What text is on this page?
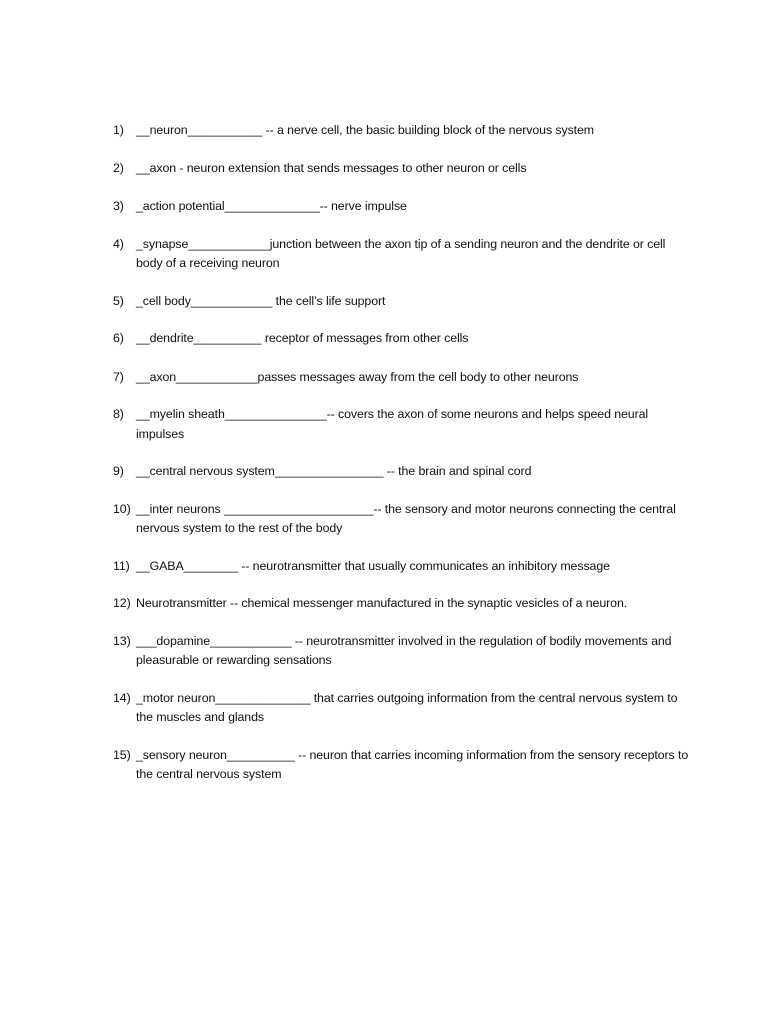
1) __neuron___________ -- a nerve cell, the basic building block of the nervous system
2) __axon - neuron extension that sends messages to other neuron or cells
3) _action potential______________-- nerve impulse
4) _synapse____________junction between the axon tip of a sending neuron and the dendrite or cell body of a receiving neuron
5) _cell body____________ the cell’s life support
6) __dendrite__________ receptor of messages from other cells
7) __axon____________passes messages away from the cell body to other neurons
8) __myelin sheath_______________-- covers the axon of some neurons and helps speed neural impulses
9) __central nervous system________________ -- the brain and spinal cord
10) __inter neurons ______________________-- the sensory and motor neurons connecting the central nervous system to the rest of the body
11) __GABA________ -- neurotransmitter that usually communicates an inhibitory message
12) Neurotransmitter -- chemical messenger manufactured in the synaptic vesicles of a neuron.
13) ___dopamine____________ -- neurotransmitter involved in the regulation of bodily movements and pleasurable or rewarding sensations
14) _motor neuron______________ that carries outgoing information from the central nervous system to the muscles and glands
15) _sensory neuron__________ -- neuron that carries incoming information from the sensory receptors to the central nervous system
